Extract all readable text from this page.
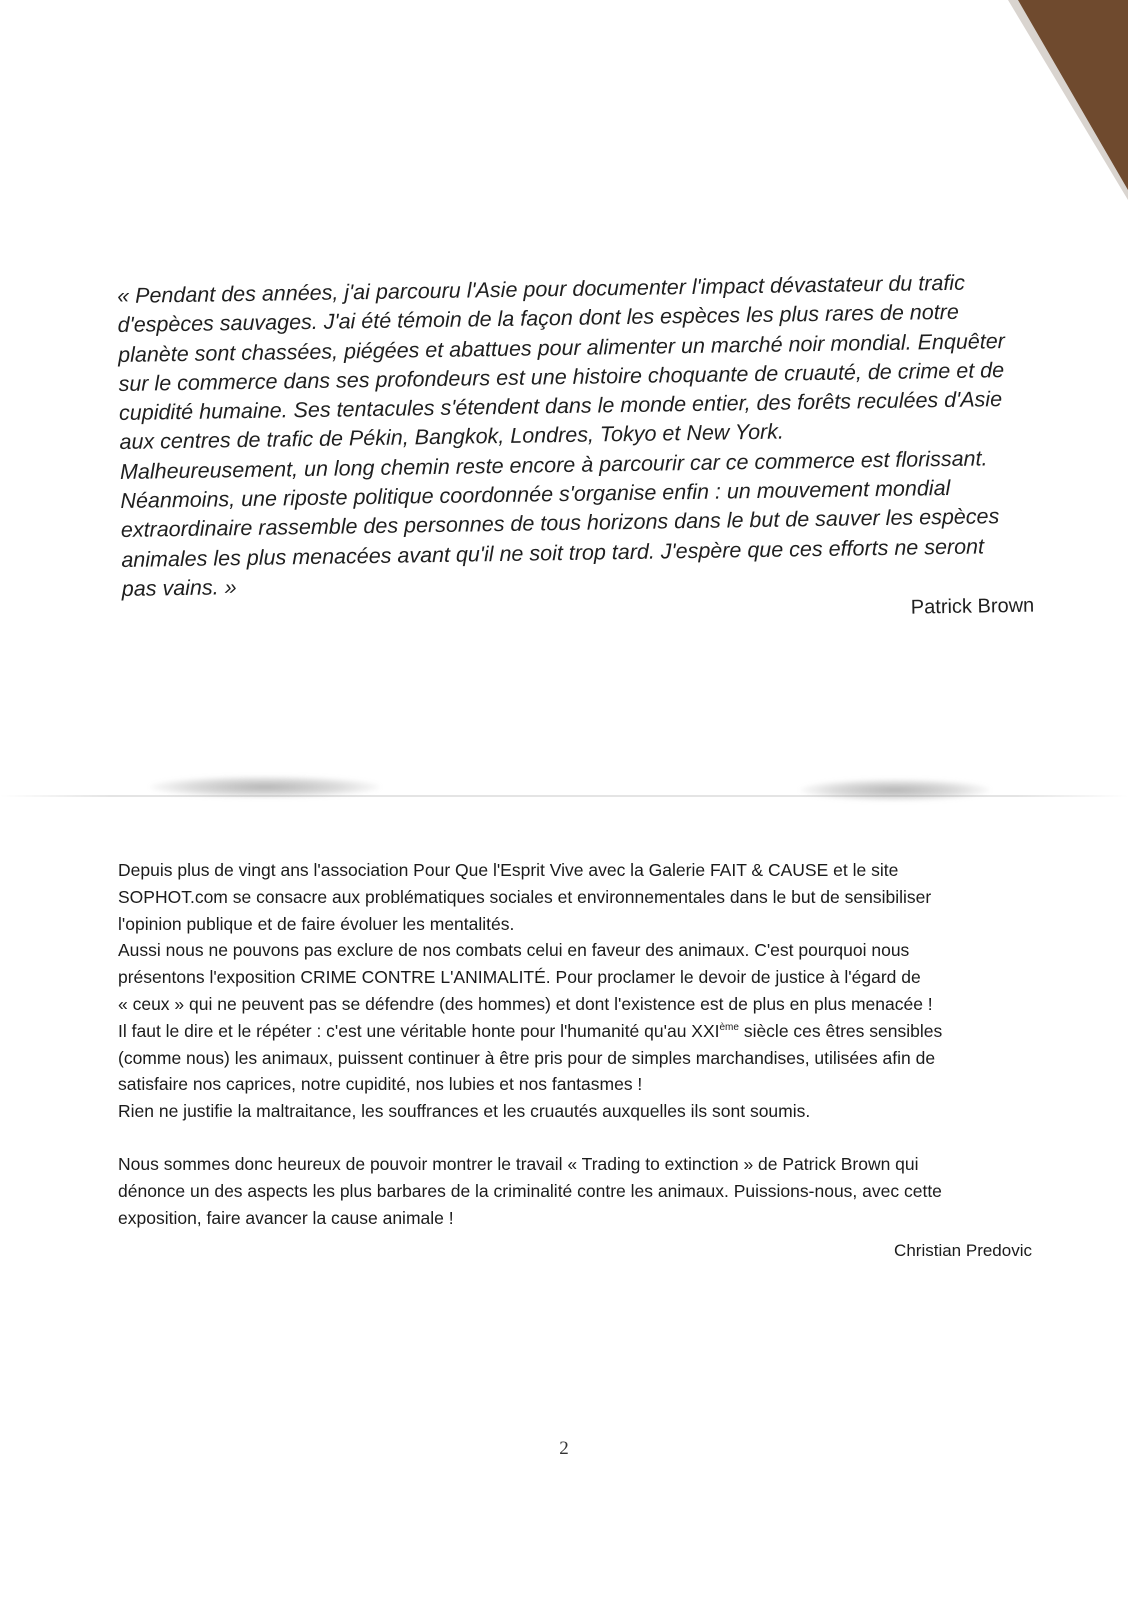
« Pendant des années, j'ai parcouru l'Asie pour documenter l'impact dévastateur du trafic
d'espèces sauvages. J'ai été témoin de la façon dont les espèces les plus rares de notre
planète sont chassées, piégées et abattues pour alimenter un marché noir mondial. Enquêter
sur le commerce dans ses profondeurs est une histoire choquante de cruauté, de crime et de
cupidité humaine. Ses tentacules s'étendent dans le monde entier, des forêts reculées d'Asie
aux centres de trafic de Pékin, Bangkok, Londres, Tokyo et New York.
Malheureusement, un long chemin reste encore à parcourir car ce commerce est florissant.
Néanmoins, une riposte politique coordonnée s'organise enfin : un mouvement mondial
extraordinaire rassemble des personnes de tous horizons dans le but de sauver les espèces
animales les plus menacées avant qu'il ne soit trop tard. J'espère que ces efforts ne seront
pas vains. »

Patrick Brown

Depuis plus de vingt ans l'association Pour Que l'Esprit Vive avec la Galerie FAIT & CAUSE et le site
SOPHOT.com se consacre aux problématiques sociales et environnementales dans le but de sensibiliser
l'opinion publique et de faire évoluer les mentalités.
Aussi nous ne pouvons pas exclure de nos combats celui en faveur des animaux. C'est pourquoi nous
présentons l'exposition CRIME CONTRE L'ANIMALITÉ. Pour proclamer le devoir de justice à l'égard de
« ceux » qui ne peuvent pas se défendre (des hommes) et dont l'existence est de plus en plus menacée !
Il faut le dire et le répéter : c'est une véritable honte pour l'humanité qu'au XXIème siècle ces êtres sensibles
(comme nous) les animaux, puissent continuer à être pris pour de simples marchandises, utilisées afin de
satisfaire nos caprices, notre cupidité, nos lubies et nos fantasmes !
Rien ne justifie la maltraitance, les souffrances et les cruautés auxquelles ils sont soumis.

Nous sommes donc heureux de pouvoir montrer le travail « Trading to extinction » de Patrick Brown qui
dénonce un des aspects les plus barbares de la criminalité contre les animaux. Puissions-nous, avec cette
exposition, faire avancer la cause animale !

Christian Predovic

2
